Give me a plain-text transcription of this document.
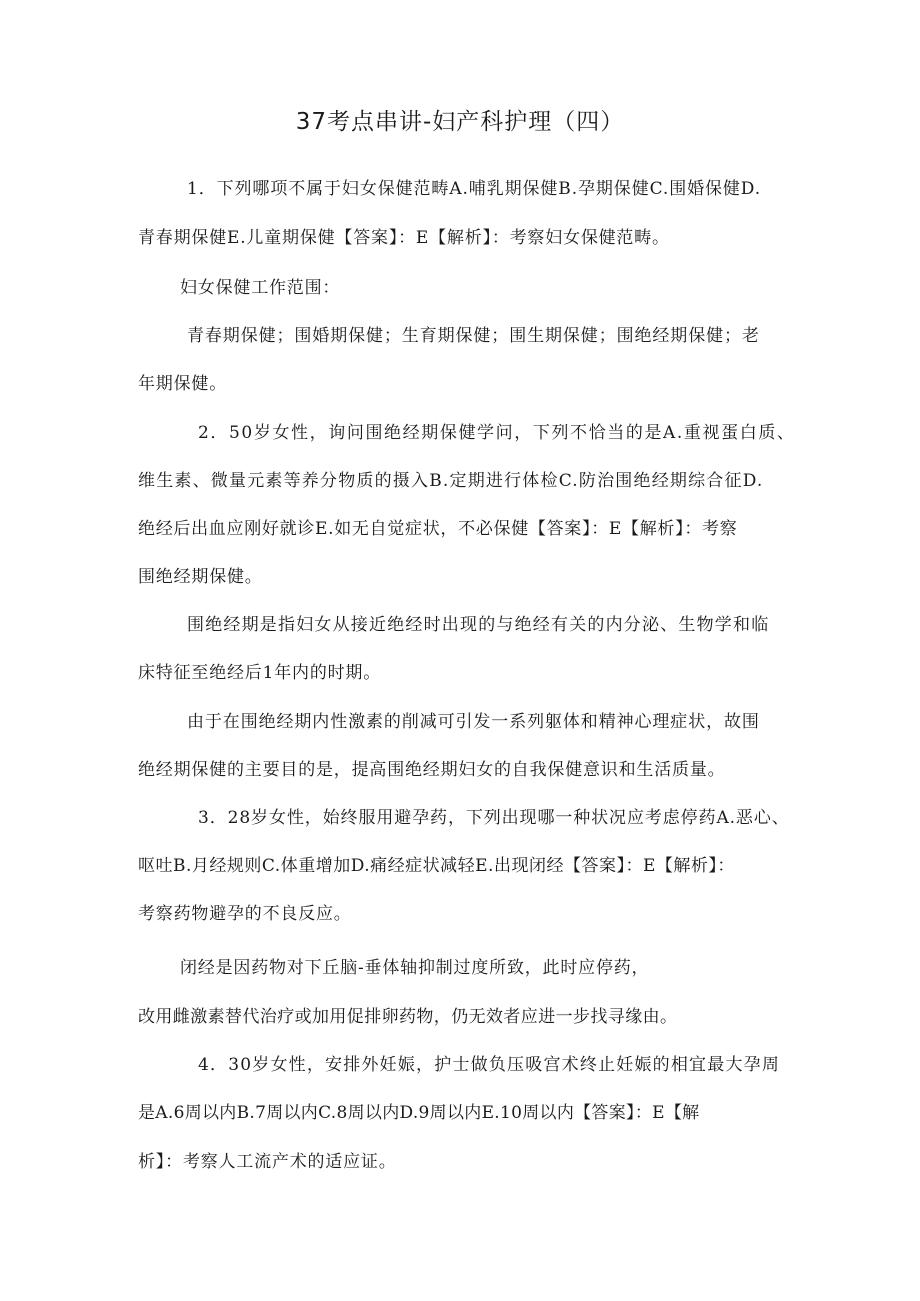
37考点串讲-妇产科护理（四）
1．下列哪项不属于妇女保健范畴A.哺乳期保健B.孕期保健C.围婚保健D.
青春期保健E.儿童期保健【答案】：E【解析】：考察妇女保健范畴。
妇女保健工作范围：
青春期保健；围婚期保健；生育期保健；围生期保健；围绝经期保健；老
年期保健。
2．50岁女性，询问围绝经期保健学问，下列不恰当的是A.重视蛋白质、
维生素、微量元素等养分物质的摄入B.定期进行体检C.防治围绝经期综合征D.
绝经后出血应刚好就诊E.如无自觉症状，不必保健【答案】：E【解析】：考察
围绝经期保健。
围绝经期是指妇女从接近绝经时出现的与绝经有关的内分泌、生物学和临
床特征至绝经后1年内的时期。
由于在围绝经期内性激素的削减可引发一系列躯体和精神心理症状，故围
绝经期保健的主要目的是，提高围绝经期妇女的自我保健意识和生活质量。
3．28岁女性，始终服用避孕药，下列出现哪一种状况应考虑停药A.恶心、
呕吐B.月经规则C.体重增加D.痛经症状减轻E.出现闭经【答案】：E【解析】：
考察药物避孕的不良反应。
闭经是因药物对下丘脑-垂体轴抑制过度所致，此时应停药，
改用雌激素替代治疗或加用促排卵药物，仍无效者应进一步找寻缘由。
4．30岁女性，安排外妊娠，护士做负压吸宫术终止妊娠的相宜最大孕周
是A.6周以内B.7周以内C.8周以内D.9周以内E.10周以内【答案】：E【解
析】：考察人工流产术的适应证。
